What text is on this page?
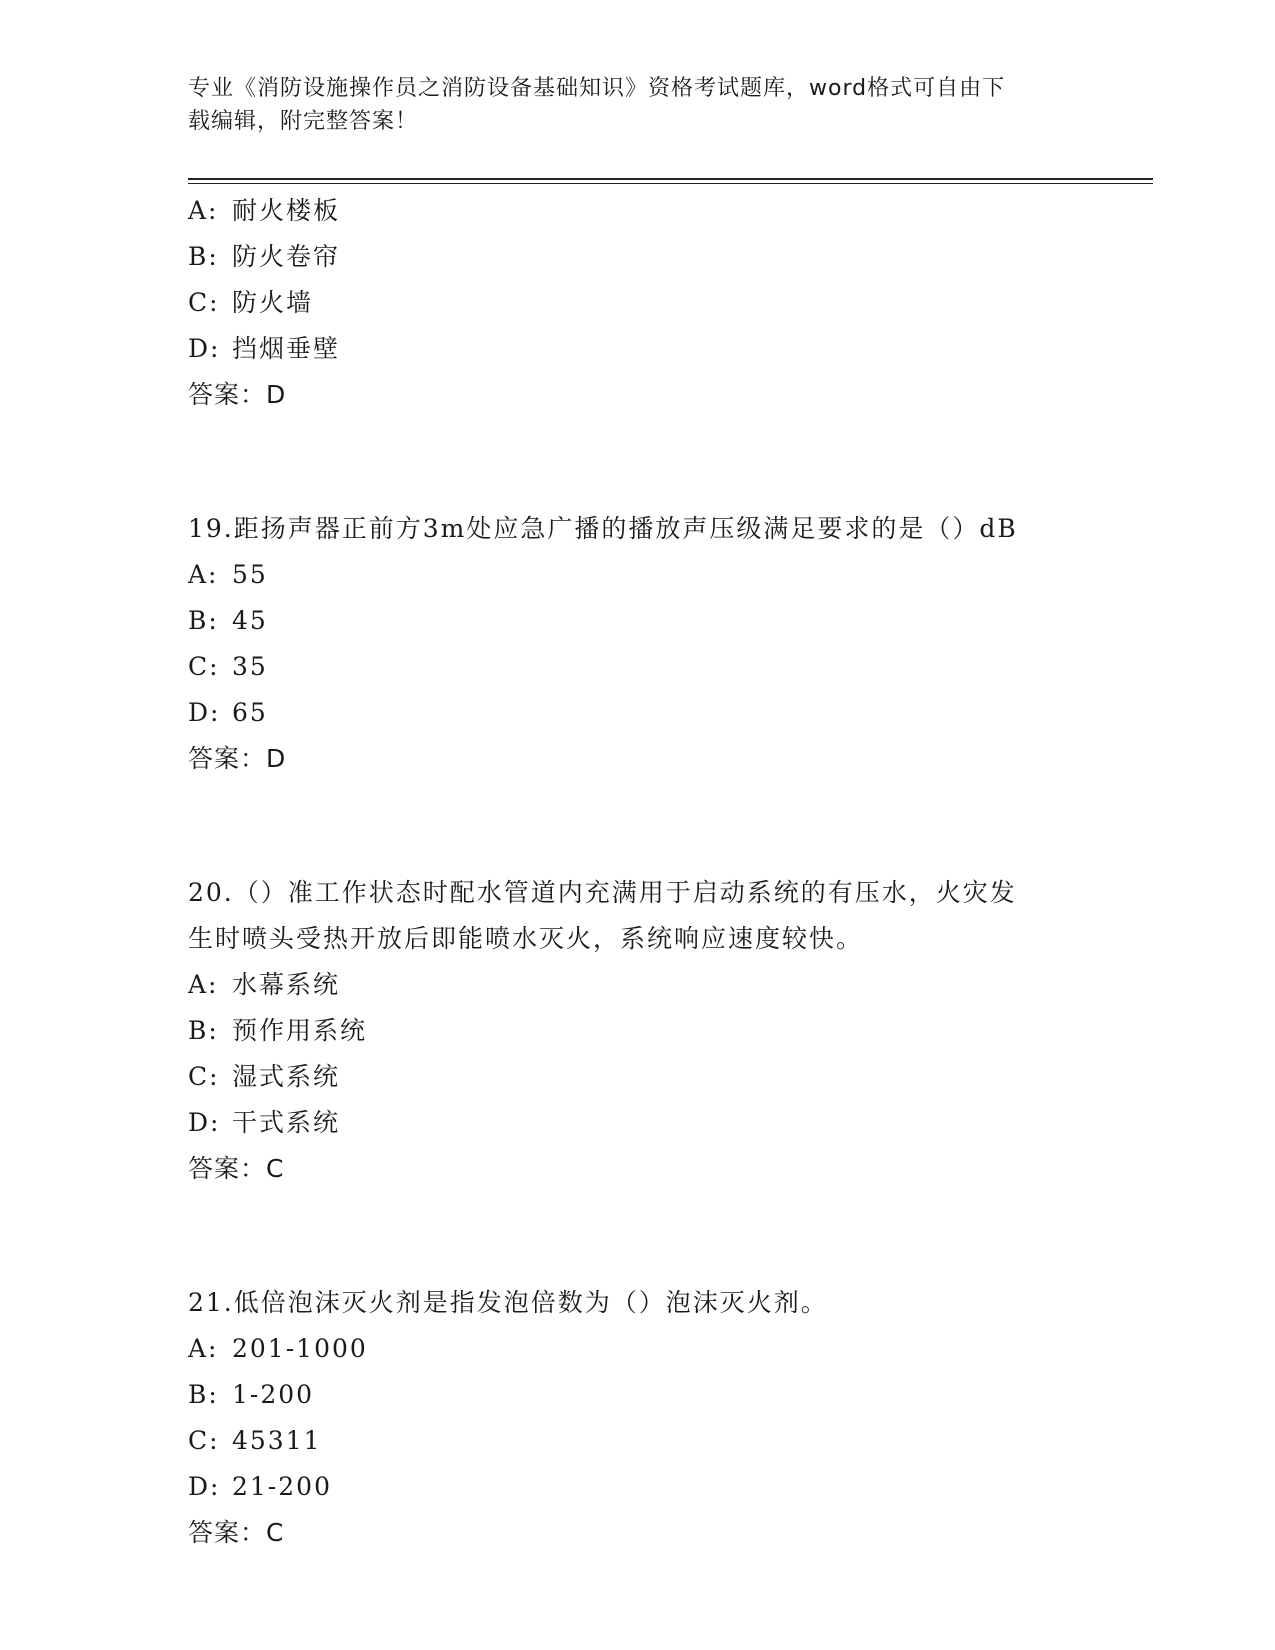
专业《消防设施操作员之消防设备基础知识》资格考试题库，word格式可自由下
载编辑，附完整答案！
A: 耐火楼板
B: 防火卷帘
C: 防火墙
D: 挡烟垂壁
答案：D
19.距扬声器正前方3m处应急广播的播放声压级满足要求的是（）dB
A: 55
B: 45
C: 35
D: 65
答案：D
20.（）准工作状态时配水管道内充满用于启动系统的有压水，火灾发
生时喷头受热开放后即能喷水灭火，系统响应速度较快。
A: 水幕系统
B: 预作用系统
C: 湿式系统
D: 干式系统
答案：C
21.低倍泡沫灭火剂是指发泡倍数为（）泡沫灭火剂。
A: 201-1000
B: 1-200
C: 45311
D: 21-200
答案：C
